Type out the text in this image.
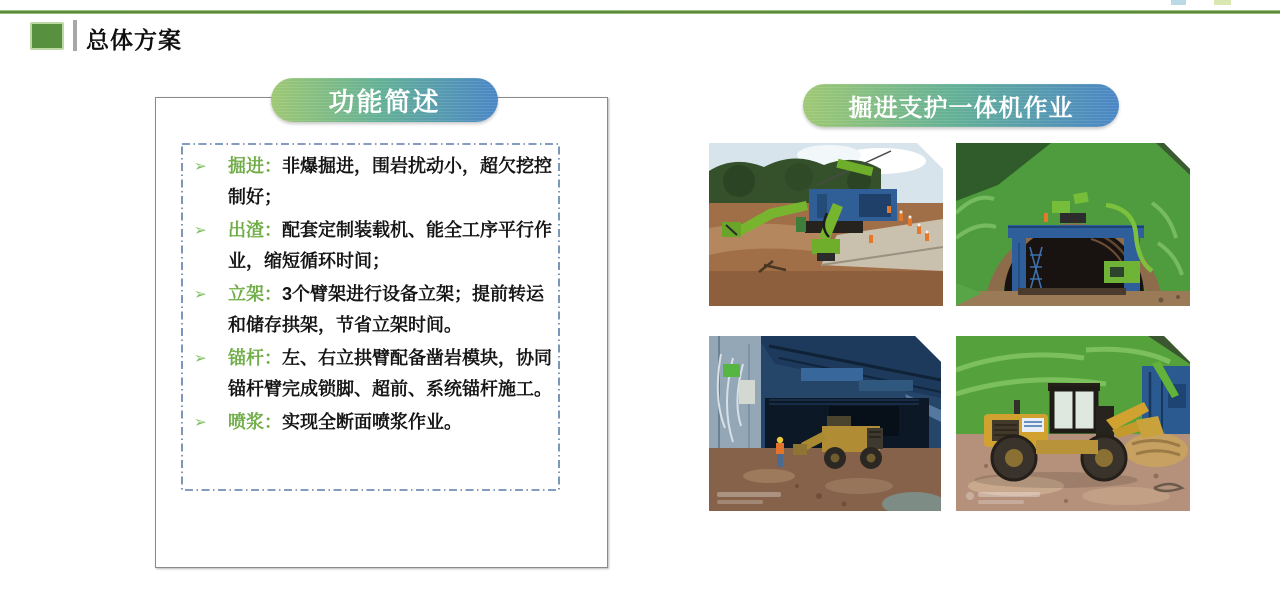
总体方案
功能简述
➢ 掘进：非爆掘进，围岩扰动小，超欠挖控制好；
➢ 出渣：配套定制装载机、能全工序平行作业，缩短循环时间；
➢ 立架：3个臂架进行设备立架；提前转运和储存拱架，节省立架时间。
➢ 锚杆：左、右立拱臂配备凿岩模块，协同锚杆臂完成锁脚、超前、系统锚杆施工。
➢ 喷浆：实现全断面喷浆作业。
掘进支护一体机作业
